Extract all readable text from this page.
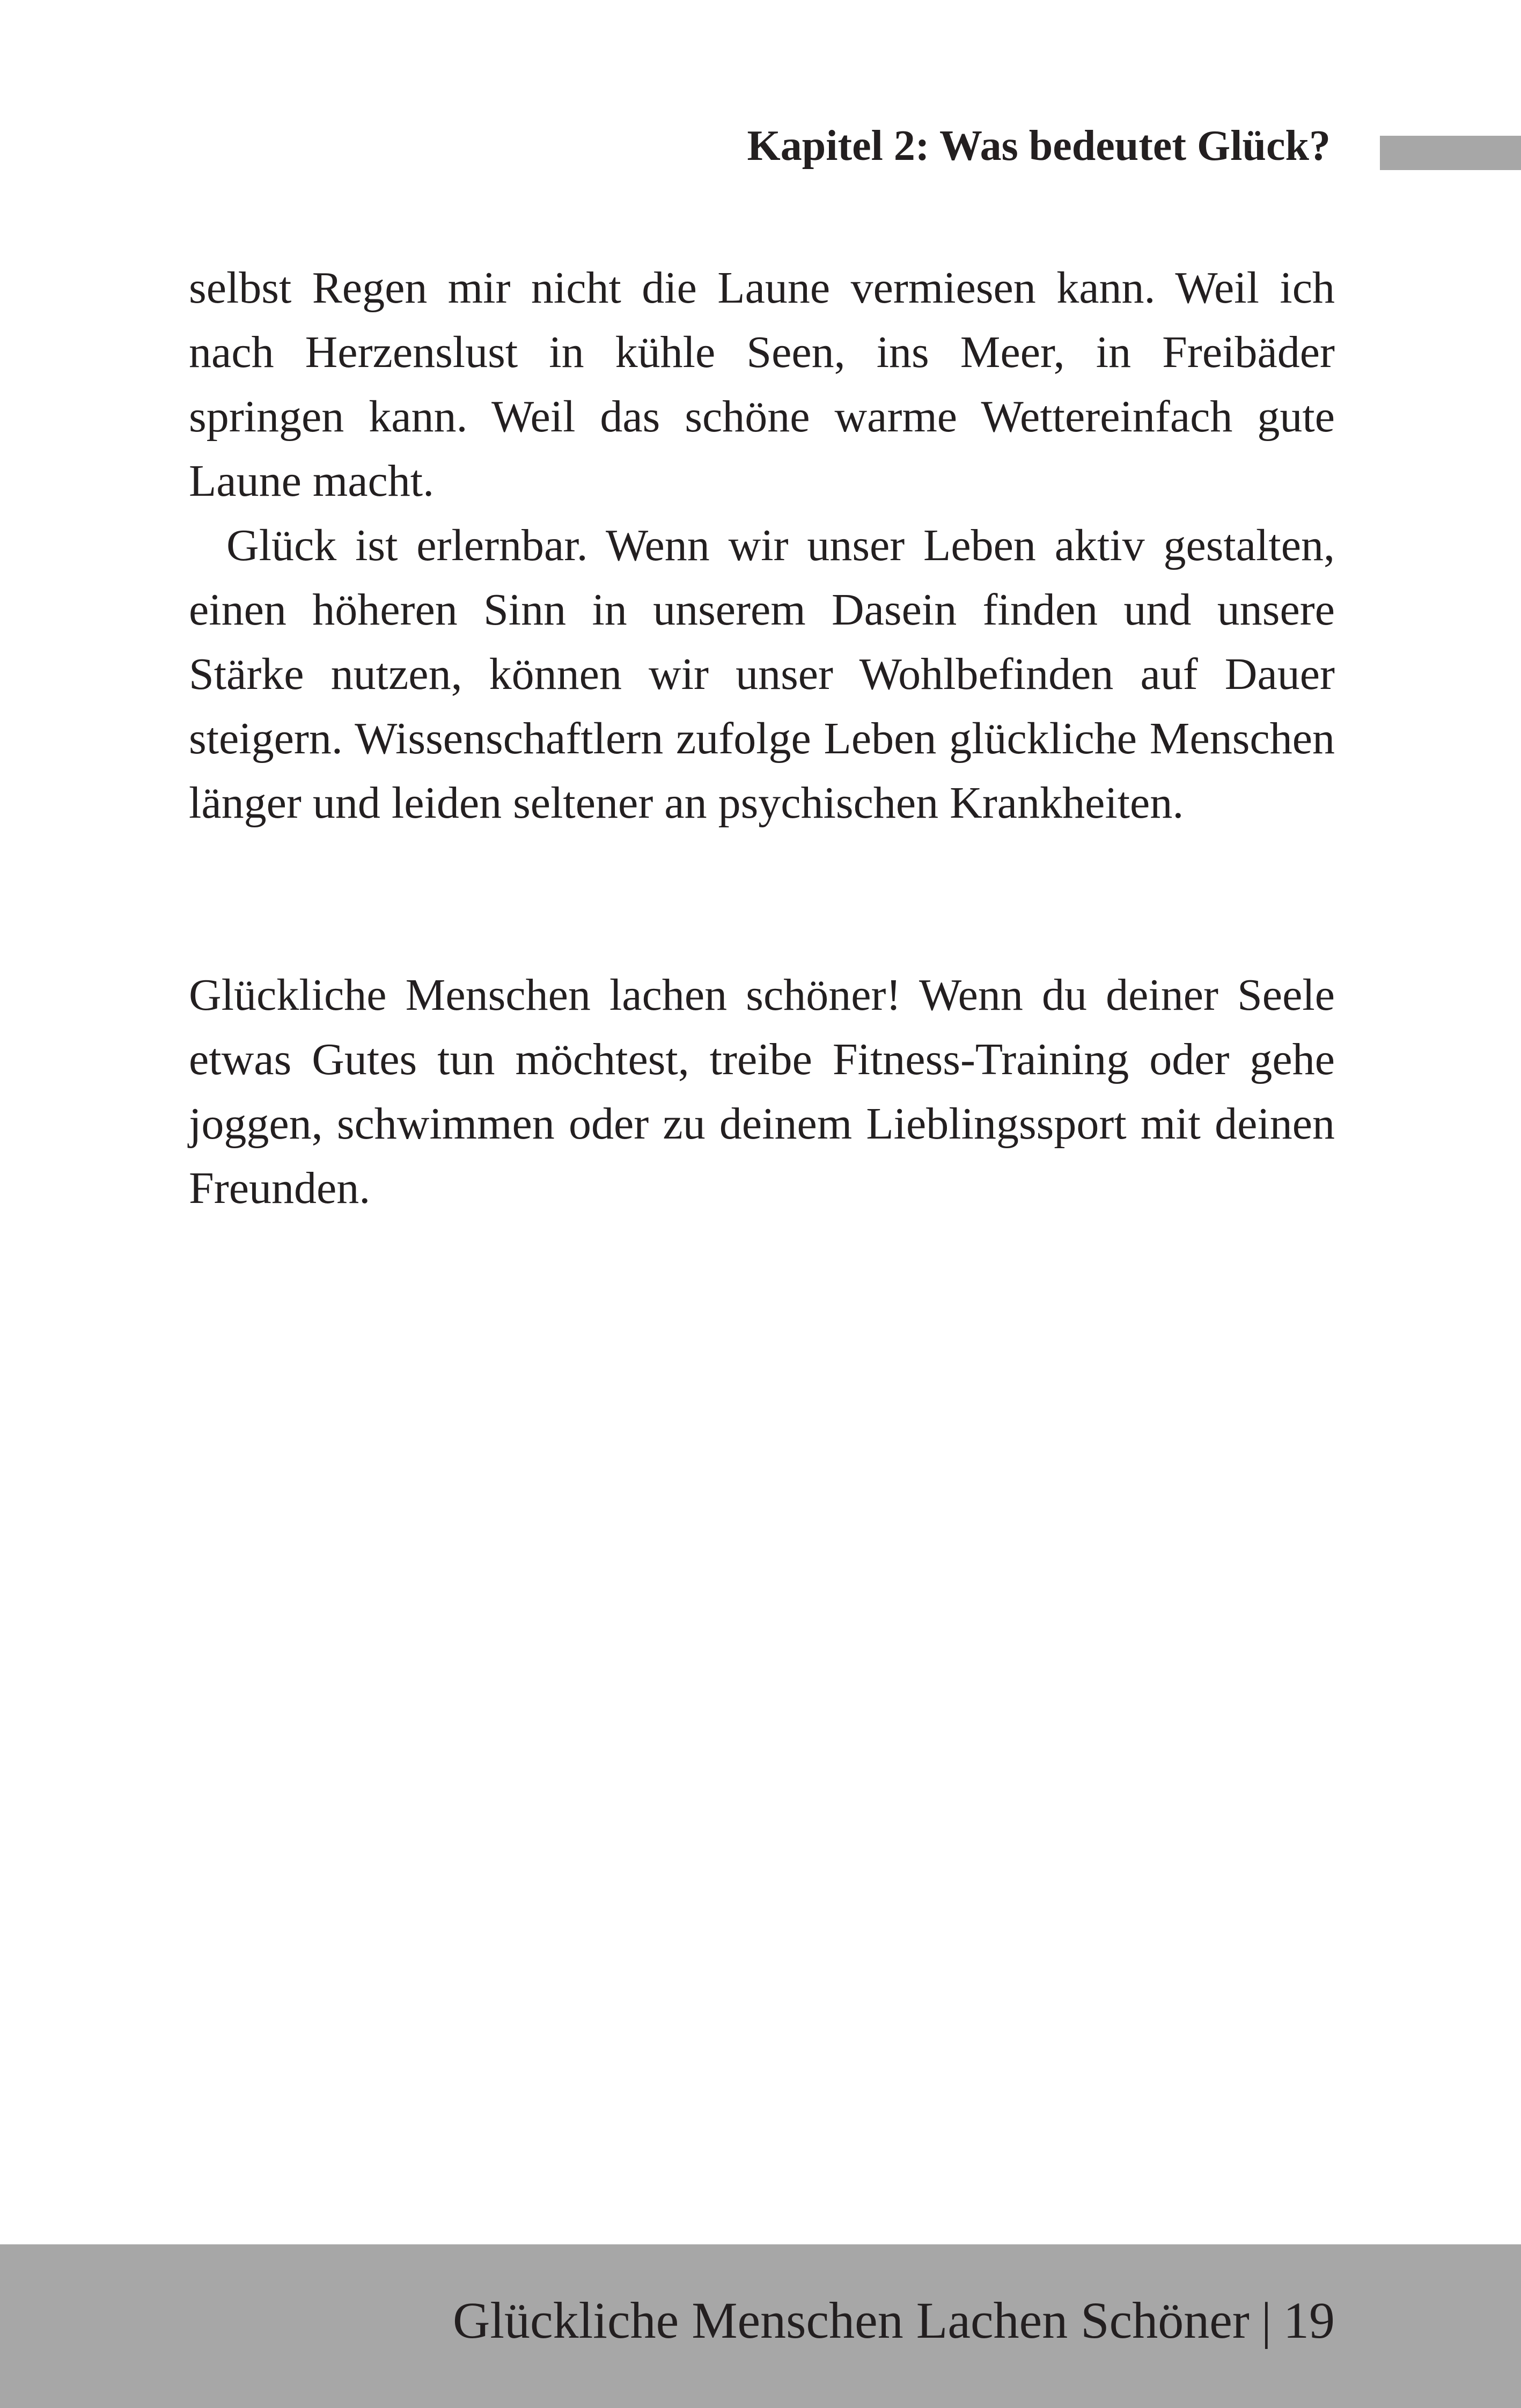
Kapitel 2: Was bedeutet Glück?

selbst Regen mir nicht die Laune vermiesen kann. Weil ich nach Herzenslust in kühle Seen, ins Meer, in Freibäder springen kann. Weil das schöne warme Wettereinfach gute Laune macht.

Glück ist erlernbar. Wenn wir unser Leben aktiv gestalten, einen höheren Sinn in unserem Dasein finden und unsere Stärke nutzen, können wir unser Wohlbefinden auf Dauer steigern. Wissenschaftlern zufolge Leben glückliche Menschen länger und leiden seltener an psychischen Krankheiten.

Glückliche Menschen lachen schöner! Wenn du deiner Seele etwas Gutes tun möchtest, treibe Fitness-Training oder gehe joggen, schwimmen oder zu deinem Lieblingssport mit deinen Freunden.

Glückliche Menschen Lachen Schöner | 19
